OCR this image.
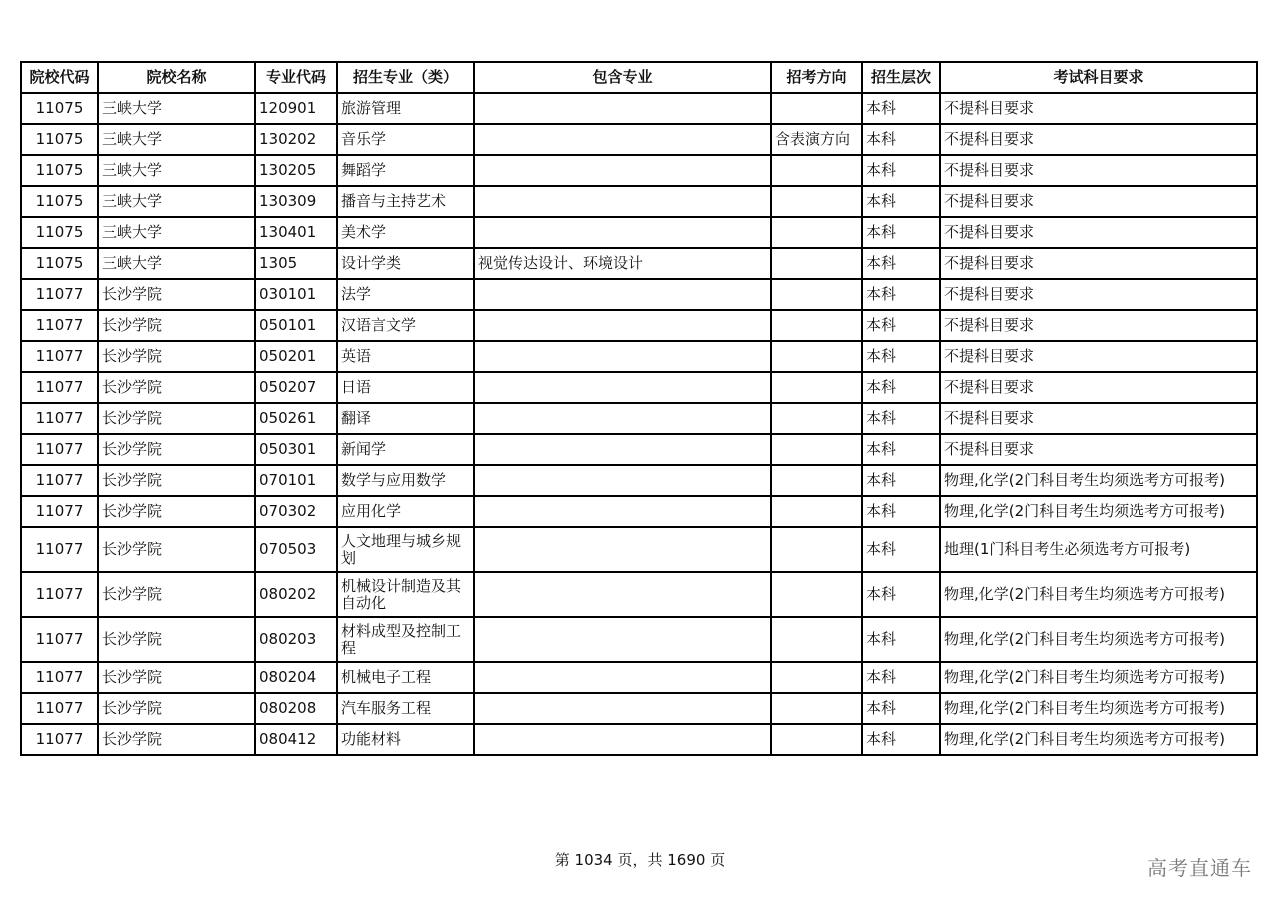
院校代码	院校名称	专业代码	招生专业（类）	包含专业	招考方向	招生层次	考试科目要求
11075	三峡大学	120901	旅游管理			本科	不提科目要求
11075	三峡大学	130202	音乐学		含表演方向	本科	不提科目要求
11075	三峡大学	130205	舞蹈学			本科	不提科目要求
11075	三峡大学	130309	播音与主持艺术			本科	不提科目要求
11075	三峡大学	130401	美术学			本科	不提科目要求
11075	三峡大学	1305	设计学类	视觉传达设计、环境设计		本科	不提科目要求
11077	长沙学院	030101	法学			本科	不提科目要求
11077	长沙学院	050101	汉语言文学			本科	不提科目要求
11077	长沙学院	050201	英语			本科	不提科目要求
11077	长沙学院	050207	日语			本科	不提科目要求
11077	长沙学院	050261	翻译			本科	不提科目要求
11077	长沙学院	050301	新闻学			本科	不提科目要求
11077	长沙学院	070101	数学与应用数学			本科	物理,化学(2门科目考生均须选考方可报考)
11077	长沙学院	070302	应用化学			本科	物理,化学(2门科目考生均须选考方可报考)
11077	长沙学院	070503	人文地理与城乡规划			本科	地理(1门科目考生必须选考方可报考)
11077	长沙学院	080202	机械设计制造及其自动化			本科	物理,化学(2门科目考生均须选考方可报考)
11077	长沙学院	080203	材料成型及控制工程			本科	物理,化学(2门科目考生均须选考方可报考)
11077	长沙学院	080204	机械电子工程			本科	物理,化学(2门科目考生均须选考方可报考)
11077	长沙学院	080208	汽车服务工程			本科	物理,化学(2门科目考生均须选考方可报考)
11077	长沙学院	080412	功能材料			本科	物理,化学(2门科目考生均须选考方可报考)
第 1034 页，共 1690 页	高考直通车
